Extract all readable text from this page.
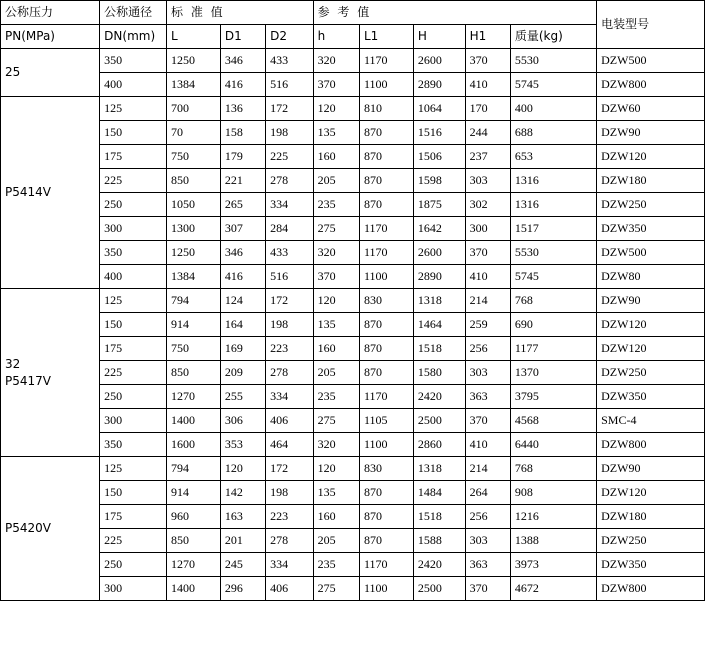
公称压力	公称通径	标 准 值			参 考 值					电装型号
PN(MPa)	DN(mm)	L	D1	D2	h	L1	H	H1	质量(kg)	

25	350	1250	346	433	320	1170	2600	370	5530	DZW500
	400	1384	416	516	370	1100	2890	410	5745	DZW800

P5414V	125	700	136	172	120	810	1064	170	400	DZW60
	150	70	158	198	135	870	1516	244	688	DZW90
	175	750	179	225	160	870	1506	237	653	DZW120
	225	850	221	278	205	870	1598	303	1316	DZW180
	250	1050	265	334	235	870	1875	302	1316	DZW250
	300	1300	307	284	275	1170	1642	300	1517	DZW350
	350	1250	346	433	320	1170	2600	370	5530	DZW500
	400	1384	416	516	370	1100	2890	410	5745	DZW80

32
P5417V	125	794	124	172	120	830	1318	214	768	DZW90
	150	914	164	198	135	870	1464	259	690	DZW120
	175	750	169	223	160	870	1518	256	1177	DZW120
	225	850	209	278	205	870	1580	303	1370	DZW250
	250	1270	255	334	235	1170	2420	363	3795	DZW350
	300	1400	306	406	275	1105	2500	370	4568	SMC-4
	350	1600	353	464	320	1100	2860	410	6440	DZW800

P5420V	125	794	120	172	120	830	1318	214	768	DZW90
	150	914	142	198	135	870	1484	264	908	DZW120
	175	960	163	223	160	870	1518	256	1216	DZW180
	225	850	201	278	205	870	1588	303	1388	DZW250
	250	1270	245	334	235	1170	2420	363	3973	DZW350
	300	1400	296	406	275	1100	2500	370	4672	DZW800
